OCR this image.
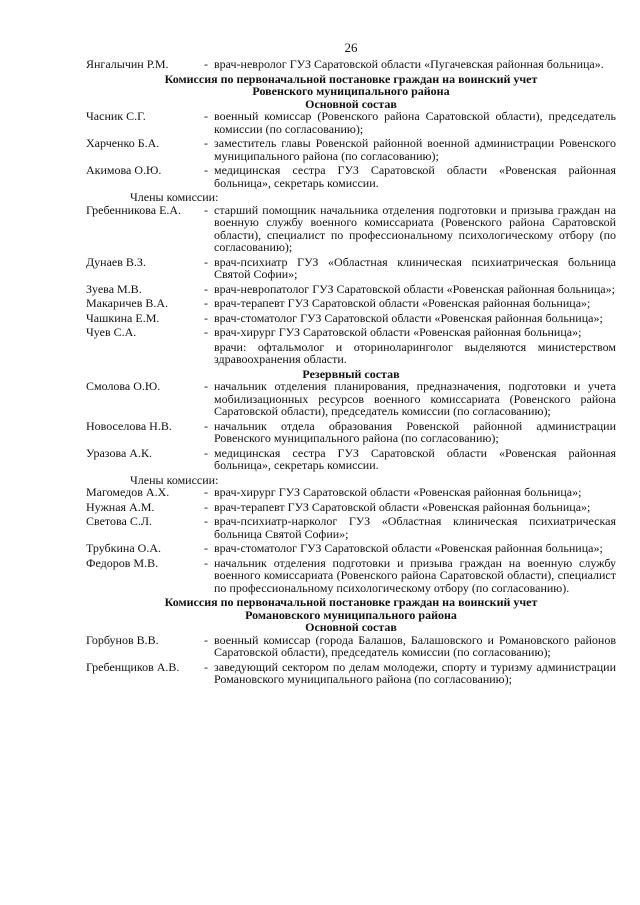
26
Янгалычин Р.М.	- врач-невролог ГУЗ Саратовской области «Пугачевская районная больница».
Комиссия по первоначальной постановке граждан на воинский учет
Ровенского муниципального района
Основной состав
Часник С.Г.	- военный комиссар (Ровенского района Саратовской области), председатель комиссии (по согласованию);
Харченко Б.А.	- заместитель главы Ровенской районной военной администрации Ровенского муниципального района (по согласованию);
Акимова О.Ю.	- медицинская сестра ГУЗ Саратовской области «Ровенская районная больница», секретарь комиссии.
Члены комиссии:
Гребенникова Е.А.	- старший помощник начальника отделения подготовки и призыва граждан на военную службу военного комиссариата (Ровенского района Саратовской области), специалист по профессиональному психологическому отбору (по согласованию);
Дунаев В.З.	- врач-психиатр ГУЗ «Областная клиническая психиатрическая больница Святой Софии»;
Зуева М.В.	- врач-невропатолог ГУЗ Саратовской области «Ровенская районная больница»;
Макаричев В.А.	- врач-терапевт ГУЗ Саратовской области «Ровенская районная больница»;
Чашкина Е.М.	- врач-стоматолог ГУЗ Саратовской области «Ровенская районная больница»;
Чуев С.А.	- врач-хирург ГУЗ Саратовской области «Ровенская районная больница»;
врачи: офтальмолог и оториноларинголог выделяются министерством здравоохранения области.
Резервный состав
Смолова О.Ю.	- начальник отделения планирования, предназначения, подготовки и учета мобилизационных ресурсов военного комиссариата (Ровенского района Саратовской области), председатель комиссии (по согласованию);
Новоселова Н.В.	- начальник отдела образования Ровенской районной администрации Ровенского муниципального района (по согласованию);
Уразова А.К.	- медицинская сестра ГУЗ Саратовской области «Ровенская районная больница», секретарь комиссии.
Члены комиссии:
Магомедов А.Х.	- врач-хирург ГУЗ Саратовской области «Ровенская районная больница»;
Нужная А.М.	- врач-терапевт ГУЗ Саратовской области «Ровенская районная больница»;
Светова С.Л.	- врач-психиатр-нарколог ГУЗ «Областная клиническая психиатрическая больница Святой Софии»;
Трубкина О.А.	- врач-стоматолог ГУЗ Саратовской области «Ровенская районная больница»;
Федоров М.В.	- начальник отделения подготовки и призыва граждан на военную службу военного комиссариата (Ровенского района Саратовской области), специалист по профессиональному психологическому отбору (по согласованию).
Комиссия по первоначальной постановке граждан на воинский учет
Романовского муниципального района
Основной состав
Горбунов В.В.	- военный комиссар (города Балашов, Балашовского и Романовского районов Саратовской области), председатель комиссии (по согласованию);
Гребенщиков А.В.	- заведующий сектором по делам молодежи, спорту и туризму администрации Романовского муниципального района (по согласованию);
